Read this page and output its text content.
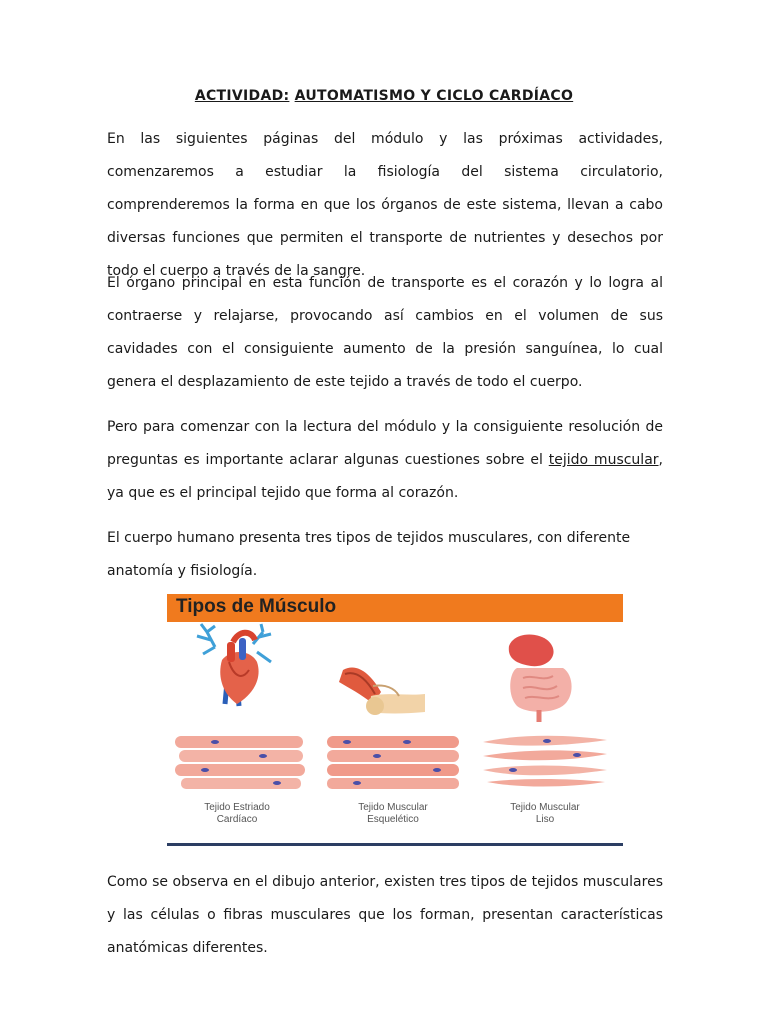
ACTIVIDAD: AUTOMATISMO Y CICLO CARDÍACO

En las siguientes páginas del módulo y las próximas actividades, comenzaremos a estudiar la fisiología del sistema circulatorio, comprenderemos la forma en que los órganos de este sistema, llevan a cabo diversas funciones que permiten el transporte de nutrientes y desechos por todo el cuerpo a través de la sangre.

El órgano principal en esta función de transporte es el corazón y lo logra al contraerse y relajarse, provocando así cambios en el volumen de sus cavidades con el consiguiente aumento de la presión sanguínea, lo cual genera el desplazamiento de este tejido a través de todo el cuerpo.

Pero para comenzar con la lectura del módulo y la consiguiente resolución de preguntas es importante aclarar algunas cuestiones sobre el tejido muscular, ya que es el principal tejido que forma al corazón.

El cuerpo humano presenta tres tipos de tejidos musculares, con diferente anatomía y fisiología.

Tipos de Músculo
Tejido Estriado
Cardíaco
Tejido Muscular
Esquelético
Tejido Muscular
Liso

Como se observa en el dibujo anterior, existen tres tipos de tejidos musculares y las células o fibras musculares que los forman, presentan características anatómicas diferentes.
